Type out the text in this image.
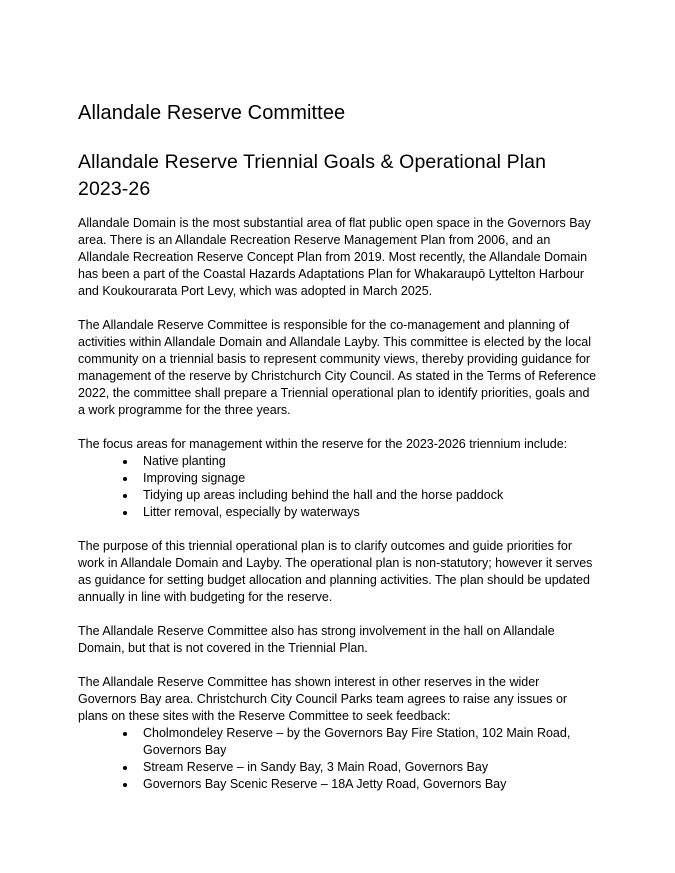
Allandale Reserve Committee
Allandale Reserve Triennial Goals & Operational Plan 2023-26

Allandale Domain is the most substantial area of flat public open space in the Governors Bay area. There is an Allandale Recreation Reserve Management Plan from 2006, and an Allandale Recreation Reserve Concept Plan from 2019. Most recently, the Allandale Domain has been a part of the Coastal Hazards Adaptations Plan for Whakaraupō Lyttelton Harbour and Koukourarata Port Levy, which was adopted in March 2025.

The Allandale Reserve Committee is responsible for the co-management and planning of activities within Allandale Domain and Allandale Layby. This committee is elected by the local community on a triennial basis to represent community views, thereby providing guidance for management of the reserve by Christchurch City Council. As stated in the Terms of Reference 2022, the committee shall prepare a Triennial operational plan to identify priorities, goals and a work programme for the three years.

The focus areas for management within the reserve for the 2023-2026 triennium include:

• Native planting
• Improving signage
• Tidying up areas including behind the hall and the horse paddock
• Litter removal, especially by waterways

The purpose of this triennial operational plan is to clarify outcomes and guide priorities for work in Allandale Domain and Layby. The operational plan is non-statutory; however it serves as guidance for setting budget allocation and planning activities. The plan should be updated annually in line with budgeting for the reserve.

The Allandale Reserve Committee also has strong involvement in the hall on Allandale Domain, but that is not covered in the Triennial Plan.

The Allandale Reserve Committee has shown interest in other reserves in the wider Governors Bay area. Christchurch City Council Parks team agrees to raise any issues or plans on these sites with the Reserve Committee to seek feedback:

• Cholmondeley Reserve – by the Governors Bay Fire Station, 102 Main Road, Governors Bay
• Stream Reserve – in Sandy Bay, 3 Main Road, Governors Bay
• Governors Bay Scenic Reserve – 18A Jetty Road, Governors Bay
